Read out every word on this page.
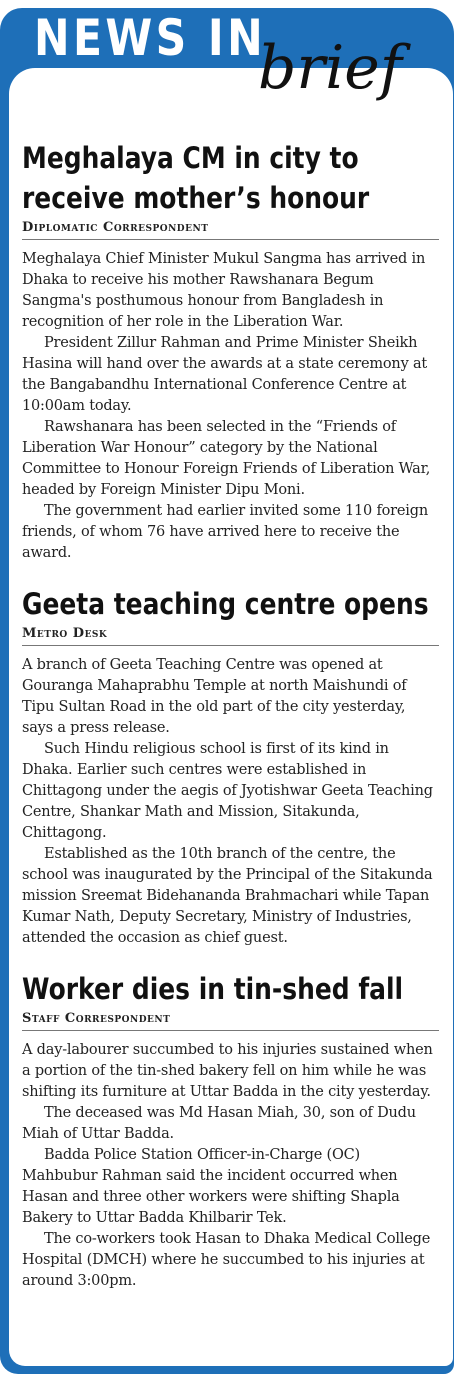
NEWS IN
brief
Meghalaya CM in city to receive mother’s honour
Diplomatic Correspondent

Meghalaya Chief Minister Mukul Sangma has arrived in Dhaka to receive his mother Rawshanara Begum Sangma's posthumous honour from Bangladesh in recognition of her role in the Liberation War.

President Zillur Rahman and Prime Minister Sheikh Hasina will hand over the awards at a state ceremony at the Bangabandhu International Conference Centre at 10:00am today.

Rawshanara has been selected in the “Friends of Liberation War Honour” category by the National Committee to Honour Foreign Friends of Liberation War, headed by Foreign Minister Dipu Moni.

The government had earlier invited some 110 foreign friends, of whom 76 have arrived here to receive the award.

Geeta teaching centre opens
Metro Desk

A branch of Geeta Teaching Centre was opened at Gouranga Mahaprabhu Temple at north Maishundi of Tipu Sultan Road in the old part of the city yesterday, says a press release.

Such Hindu religious school is first of its kind in Dhaka. Earlier such centres were established in Chittagong under the aegis of Jyotishwar Geeta Teaching Centre, Shankar Math and Mission, Sitakunda, Chittagong.

Established as the 10th branch of the centre, the school was inaugurated by the Principal of the Sitakunda mission Sreemat Bidehananda Brahmachari while Tapan Kumar Nath, Deputy Secretary, Ministry of Industries, attended the occasion as chief guest.

Worker dies in tin-shed fall
Staff Correspondent

A day-labourer succumbed to his injuries sustained when a portion of the tin-shed bakery fell on him while he was shifting its furniture at Uttar Badda in the city yesterday.

The deceased was Md Hasan Miah, 30, son of Dudu Miah of Uttar Badda.

Badda Police Station Officer-in-Charge (OC) Mahbubur Rahman said the incident occurred when Hasan and three other workers were shifting Shapla Bakery to Uttar Badda Khilbarir Tek.

The co-workers took Hasan to Dhaka Medical College Hospital (DMCH) where he succumbed to his injuries at around 3:00pm.
